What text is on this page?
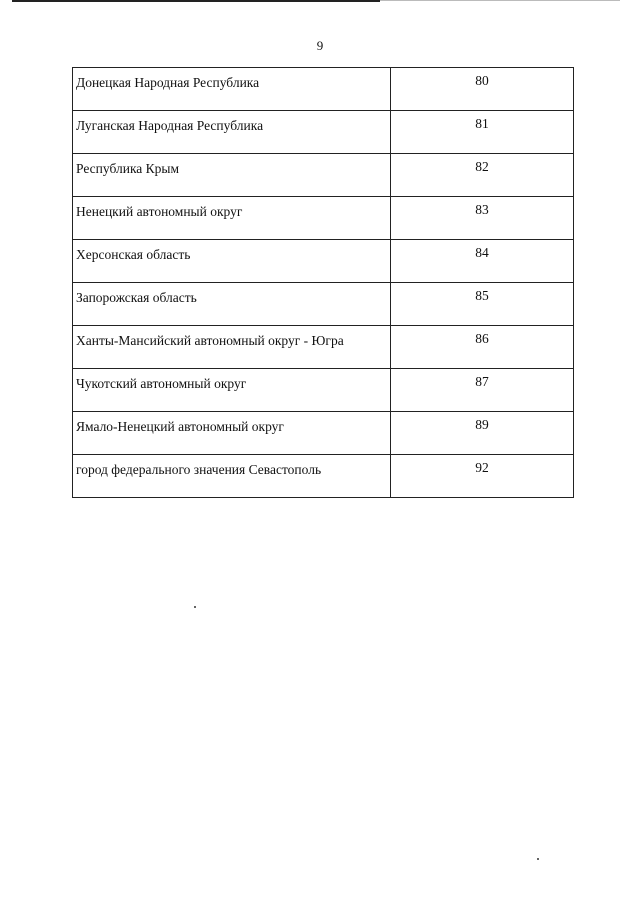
9
Донецкая Народная Республика	80
Луганская Народная Республика	81
Республика Крым	82
Ненецкий автономный округ	83
Херсонская область	84
Запорожская область	85
Ханты-Мансийский автономный округ - Югра	86
Чукотский автономный округ	87
Ямало-Ненецкий автономный округ	89
город федерального значения Севастополь	92
